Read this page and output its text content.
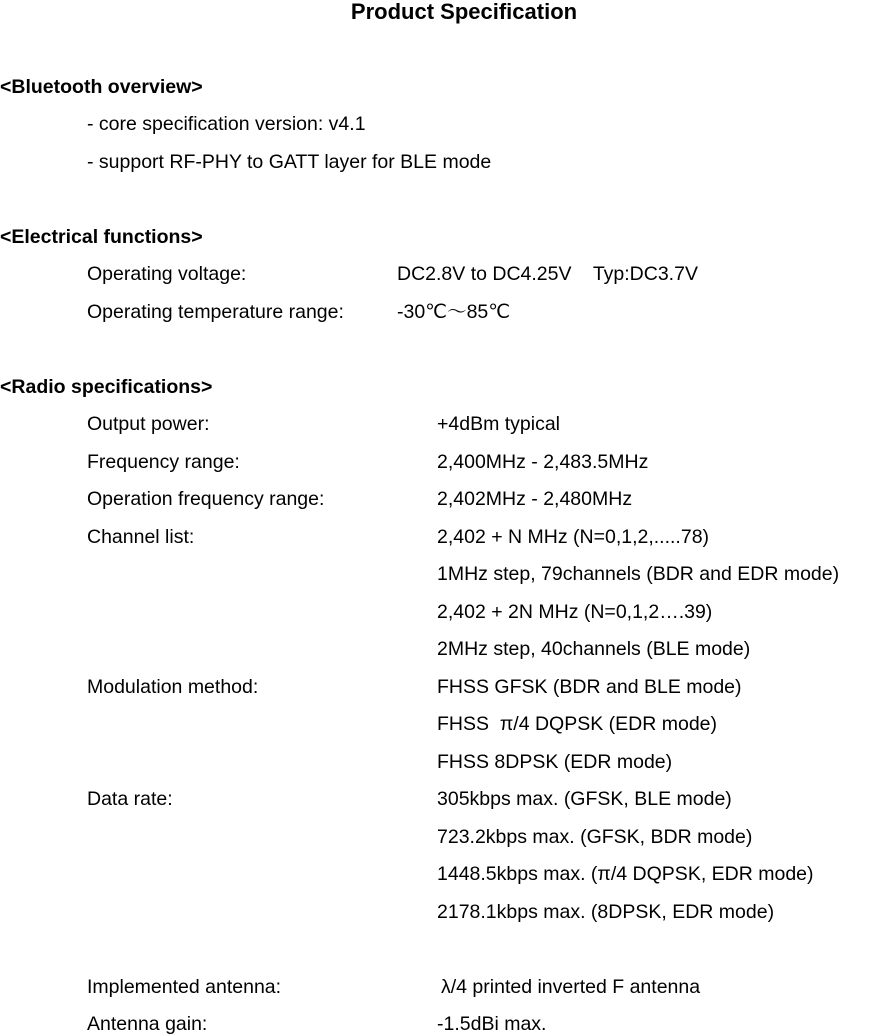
Product Specification
<Bluetooth overview>
- core specification version: v4.1
- support RF-PHY to GATT layer for BLE mode
<Electrical functions>
Operating voltage:	DC2.8V to DC4.25V    Typ:DC3.7V
Operating temperature range:	-30℃～85℃
<Radio specifications>
Output power:	+4dBm typical
Frequency range:	2,400MHz - 2,483.5MHz
Operation frequency range:	2,402MHz - 2,480MHz
Channel list:	2,402 + N MHz (N=0,1,2,.....78)
1MHz step, 79channels (BDR and EDR mode)
2,402 + 2N MHz (N=0,1,2….39)
2MHz step, 40channels (BLE mode)
Modulation method:	FHSS GFSK (BDR and BLE mode)
FHSS  π/4 DQPSK (EDR mode)
FHSS 8DPSK (EDR mode)
Data rate:	305kbps max. (GFSK, BLE mode)
723.2kbps max. (GFSK, BDR mode)
1448.5kbps max. (π/4 DQPSK, EDR mode)
2178.1kbps max. (8DPSK, EDR mode)
Implemented antenna:	λ/4 printed inverted F antenna
Antenna gain:	-1.5dBi max.
